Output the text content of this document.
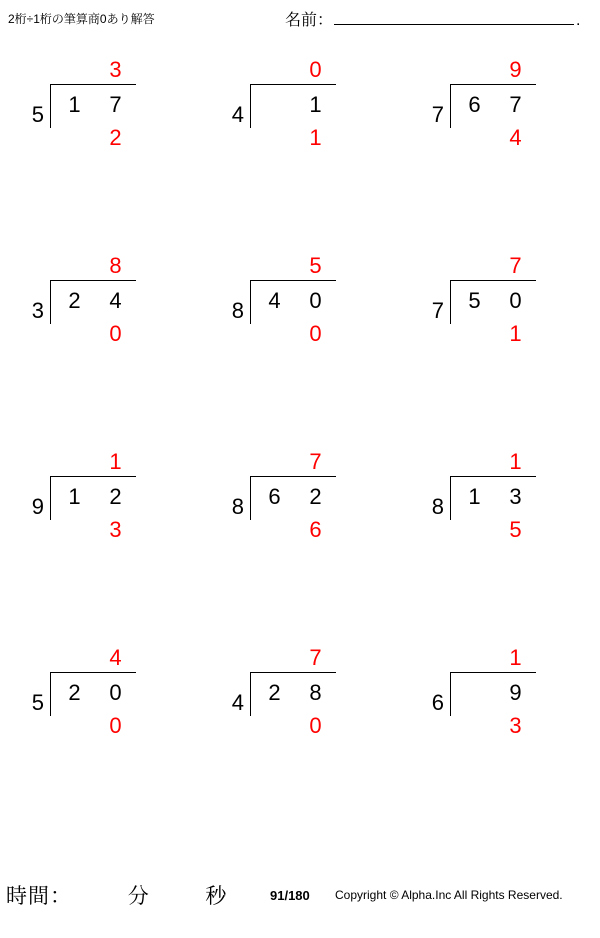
2桁÷1桁の筆算商0あり解答	名前：	.
5
3
1	7
2
4
0
1
1
7
9
6	7
4
3
8
2	4
0
8
5
4	0
0
7
7
5	0
1
9
1
1	2
3
8
7
6	2
6
8
1
1	3
5
5
4
2	0
0
4
7
2	8
0
6
1
9
3
時間：	分	秒	91/180 Copyright © Alpha.Inc All Rights Reserved.
